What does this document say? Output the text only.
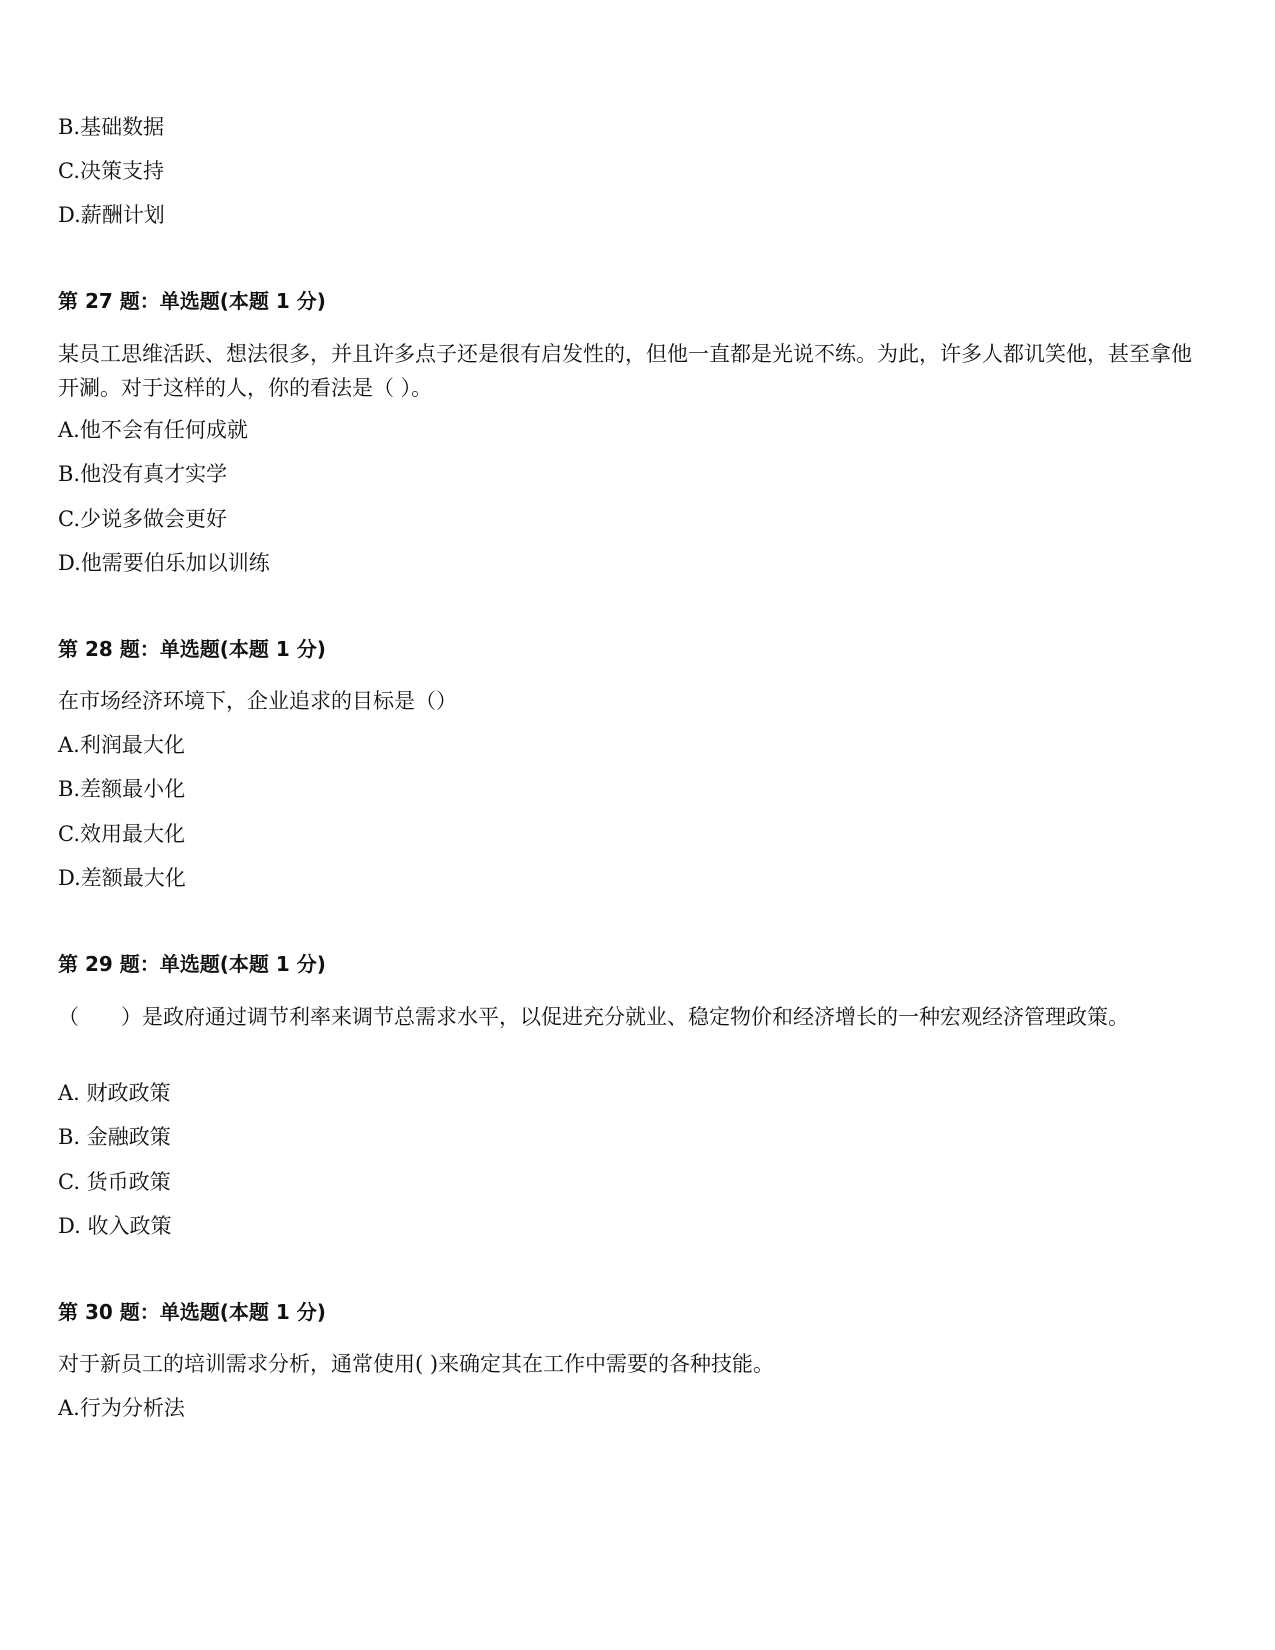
B.基础数据
C.决策支持
D.薪酬计划
第 27 题：单选题(本题 1 分)
某员工思维活跃、想法很多，并且许多点子还是很有启发性的，但他一直都是光说不练。为此，许多人都讥笑他，甚至拿他开涮。对于这样的人，你的看法是（ ）。
A.他不会有任何成就
B.他没有真才实学
C.少说多做会更好
D.他需要伯乐加以训练
第 28 题：单选题(本题 1 分)
在市场经济环境下，企业追求的目标是（）
A.利润最大化
B.差额最小化
C.效用最大化
D.差额最大化
第 29 题：单选题(本题 1 分)
（　　）是政府通过调节利率来调节总需求水平，以促进充分就业、稳定物价和经济增长的一种宏观经济管理政策。
A. 财政政策
B. 金融政策
C. 货币政策
D. 收入政策
第 30 题：单选题(本题 1 分)
对于新员工的培训需求分析，通常使用( )来确定其在工作中需要的各种技能。
A.行为分析法
